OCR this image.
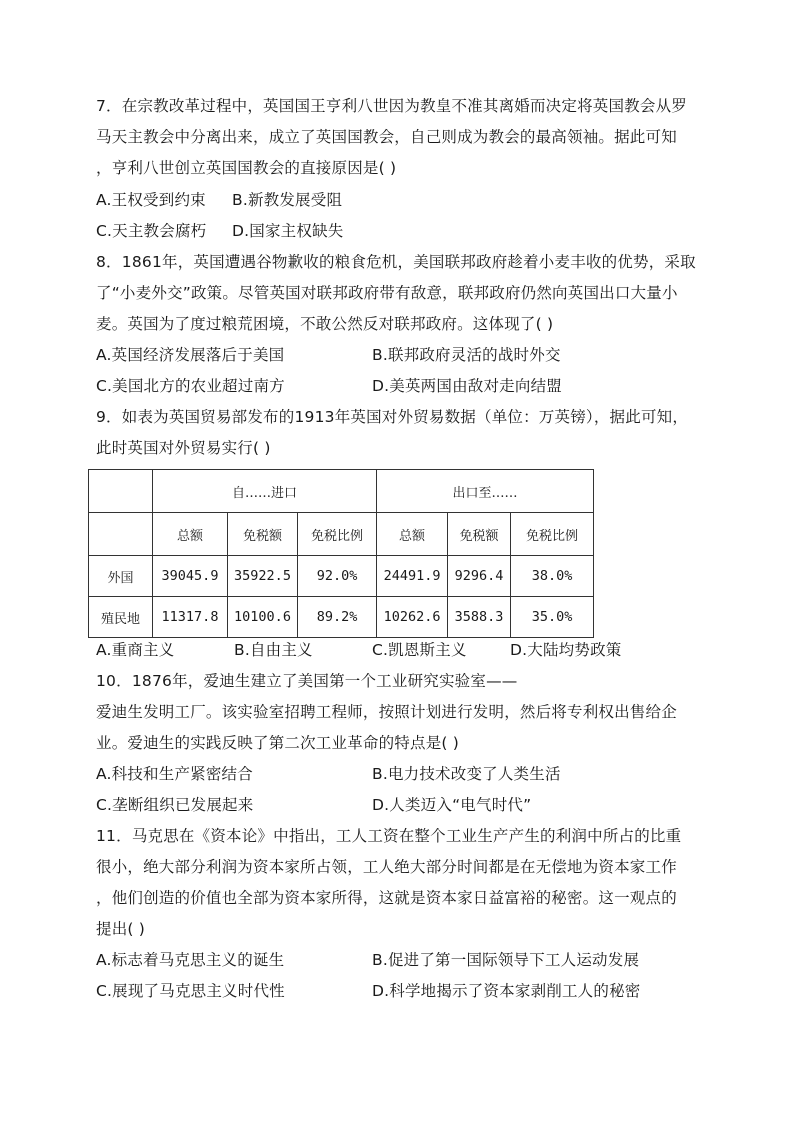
7．在宗教改革过程中，英国国王亨利八世因为教皇不准其离婚而决定将英国教会从罗
马天主教会中分离出来，成立了英国国教会，自己则成为教会的最高领袖。据此可知
，亨利八世创立英国国教会的直接原因是( )
A.王权受到约束 B.新教发展受阻
C.天主教会腐朽 D.国家主权缺失
8．1861年，英国遭遇谷物歉收的粮食危机，美国联邦政府趁着小麦丰收的优势，采取
了“小麦外交”政策。尽管英国对联邦政府带有敌意，联邦政府仍然向英国出口大量小
麦。英国为了度过粮荒困境，不敢公然反对联邦政府。这体现了( )
A.英国经济发展落后于美国	B.联邦政府灵活的战时外交
C.美国北方的农业超过南方	D.美英两国由敌对走向结盟
9．如表为英国贸易部发布的1913年英国对外贸易数据（单位：万英镑），据此可知，
此时英国对外贸易实行( )
	自……进口			出口至……		
	总额	免税额	免税比例	总额	免税额	免税比例
外国	39045.9	35922.5	92.0%	24491.9	9296.4	38.0%
殖民地	11317.8	10100.6	89.2%	10262.6	3588.3	35.0%
A.重商主义	B.自由主义	C.凯恩斯主义	D.大陆均势政策
10．1876年，爱迪生建立了美国第一个工业研究实验室——
爱迪生发明工厂。该实验室招聘工程师，按照计划进行发明，然后将专利权出售给企
业。爱迪生的实践反映了第二次工业革命的特点是( )
A.科技和生产紧密结合	B.电力技术改变了人类生活
C.垄断组织已发展起来	D.人类迈入“电气时代”
11．马克思在《资本论》中指出，工人工资在整个工业生产产生的利润中所占的比重
很小，绝大部分利润为资本家所占领，工人绝大部分时间都是在无偿地为资本家工作
，他们创造的价值也全部为资本家所得，这就是资本家日益富裕的秘密。这一观点的
提出( )
A.标志着马克思主义的诞生	B.促进了第一国际领导下工人运动发展
C.展现了马克思主义时代性	D.科学地揭示了资本家剥削工人的秘密
